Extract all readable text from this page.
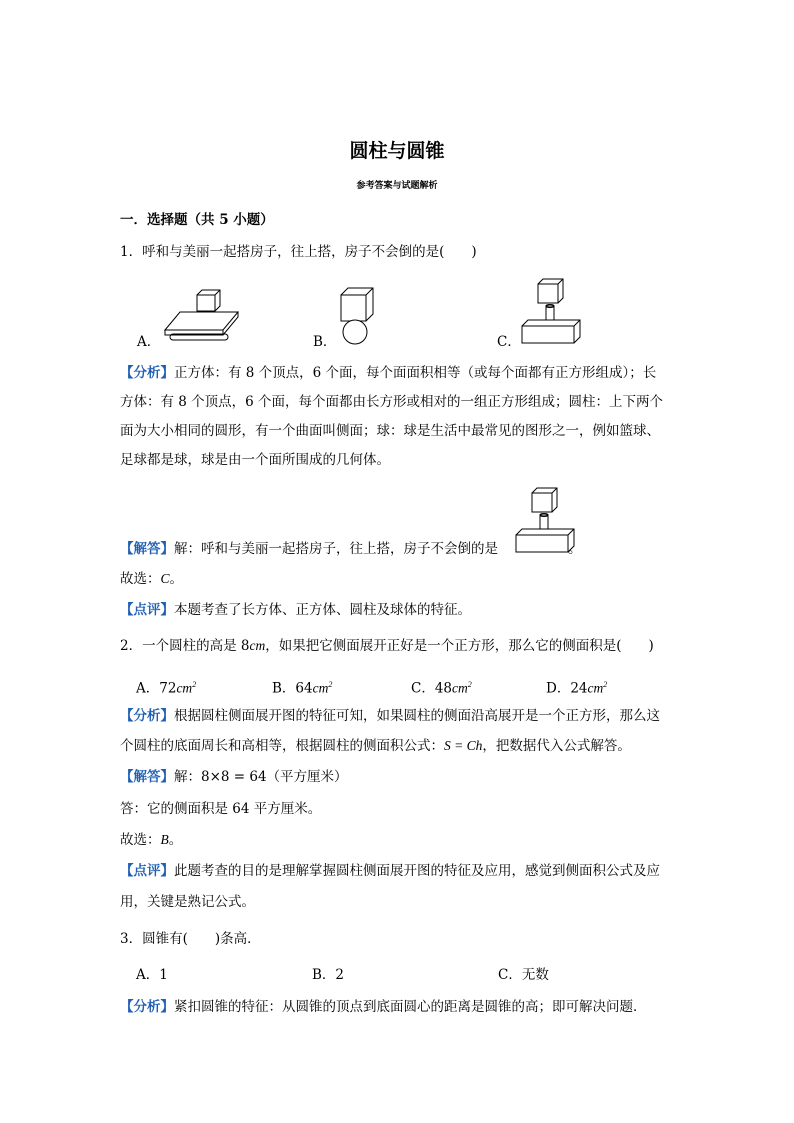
圆柱与圆锥
参考答案与试题解析
一．选择题（共 5 小题）
1．呼和与美丽一起搭房子，往上搭，房子不会倒的是(　　)
A．	B．	C．
【分析】正方体：有 8 个顶点，6 个面，每个面面积相等（或每个面都有正方形组成）；长
方体：有 8 个顶点，6 个面，每个面都由长方形或相对的一组正方形组成；圆柱：上下两个
面为大小相同的圆形，有一个曲面叫侧面；球：球是生活中最常见的图形之一，例如篮球、
足球都是球，球是由一个面所围成的几何体。
【解答】解：呼和与美丽一起搭房子，往上搭，房子不会倒的是	。
故选：C。
【点评】本题考查了长方体、正方体、圆柱及球体的特征。
2．一个圆柱的高是 8cm，如果把它侧面展开正好是一个正方形，那么它的侧面积是(　　)
A．$72cm^2$	B．$64cm^2$	C．$48cm^2$	D．$24cm^2$
【分析】根据圆柱侧面展开图的特征可知，如果圆柱的侧面沿高展开是一个正方形，那么这
个圆柱的底面周长和高相等，根据圆柱的侧面积公式：S = Ch，把数据代入公式解答。
【解答】解：8×8 = 64（平方厘米）
答：它的侧面积是 64 平方厘米。
故选：B。
【点评】此题考查的目的是理解掌握圆柱侧面展开图的特征及应用，感觉到侧面积公式及应
用，关键是熟记公式。
3．圆锥有(　　)条高．
A．1	B．2	C．无数
【分析】紧扣圆锥的特征：从圆锥的顶点到底面圆心的距离是圆锥的高；即可解决问题．
